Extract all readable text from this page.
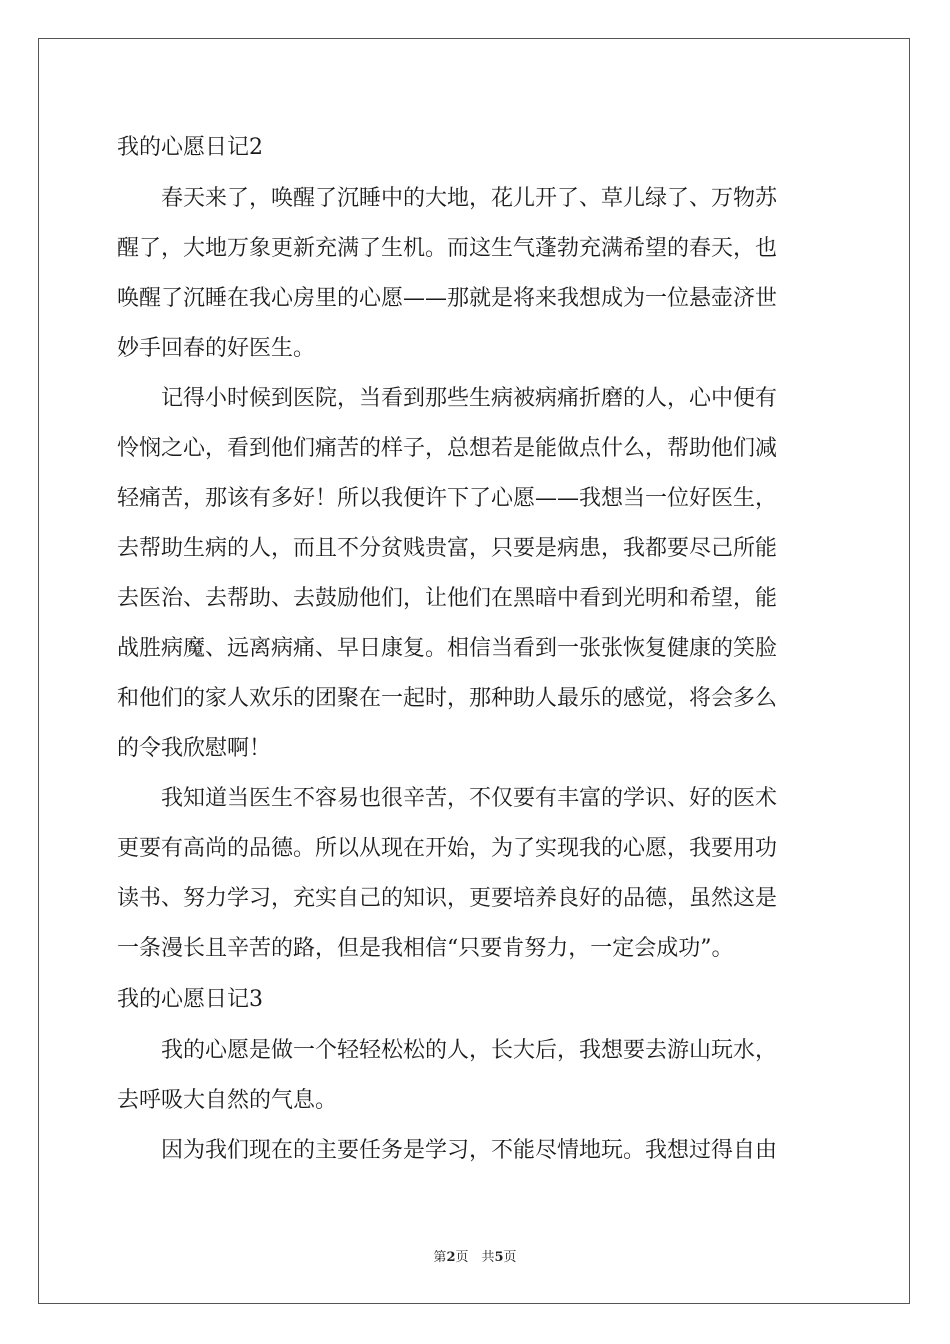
我的心愿日记2
春天来了，唤醒了沉睡中的大地，花儿开了、草儿绿了、万物苏
醒了，大地万象更新充满了生机。而这生气蓬勃充满希望的春天，也
唤醒了沉睡在我心房里的心愿——那就是将来我想成为一位悬壶济世
妙手回春的好医生。
记得小时候到医院，当看到那些生病被病痛折磨的人，心中便有
怜悯之心，看到他们痛苦的样子，总想若是能做点什么，帮助他们减
轻痛苦，那该有多好！所以我便许下了心愿——我想当一位好医生，
去帮助生病的人，而且不分贫贱贵富，只要是病患，我都要尽己所能
去医治、去帮助、去鼓励他们，让他们在黑暗中看到光明和希望，能
战胜病魔、远离病痛、早日康复。相信当看到一张张恢复健康的笑脸
和他们的家人欢乐的团聚在一起时，那种助人最乐的感觉，将会多么
的令我欣慰啊！
我知道当医生不容易也很辛苦，不仅要有丰富的学识、好的医术
更要有高尚的品德。所以从现在开始，为了实现我的心愿，我要用功
读书、努力学习，充实自己的知识，更要培养良好的品德，虽然这是
一条漫长且辛苦的路，但是我相信“只要肯努力，一定会成功”。
我的心愿日记3
我的心愿是做一个轻轻松松的人，长大后，我想要去游山玩水，
去呼吸大自然的气息。
因为我们现在的主要任务是学习，不能尽情地玩。我想过得自由
第2页　共5页
